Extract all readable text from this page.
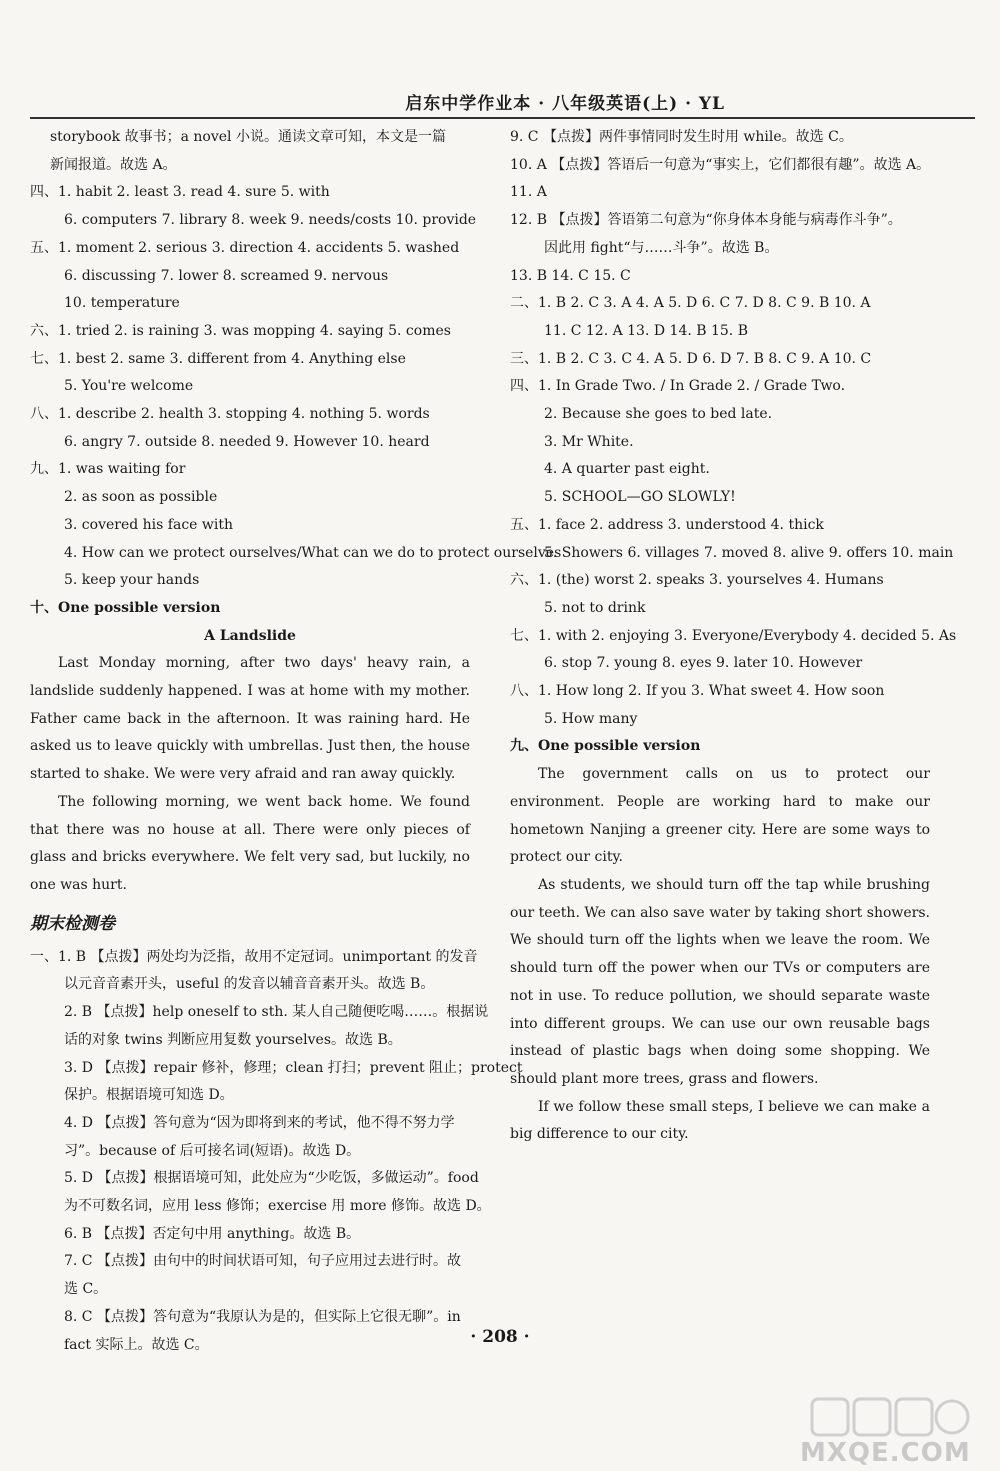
启东中学作业本 · 八年级英语(上) · YL
storybook 故事书；a novel 小说。通读文章可知，本文是一篇
新闻报道。故选 A。
四、1. habit 2. least 3. read 4. sure 5. with
6. computers 7. library 8. week 9. needs/costs 10. provide
五、1. moment 2. serious 3. direction 4. accidents 5. washed
6. discussing 7. lower 8. screamed 9. nervous
10. temperature
六、1. tried 2. is raining 3. was mopping 4. saying 5. comes
七、1. best 2. same 3. different from 4. Anything else
5. You're welcome
八、1. describe 2. health 3. stopping 4. nothing 5. words
6. angry 7. outside 8. needed 9. However 10. heard
九、1. was waiting for
2. as soon as possible
3. covered his face with
4. How can we protect ourselves/What can we do to protect ourselves
5. keep your hands
十、One possible version
A Landslide

Last Monday morning, after two days' heavy rain, a landslide suddenly happened. I was at home with my mother. Father came back in the afternoon. It was raining hard. He asked us to leave quickly with umbrellas. Just then, the house started to shake. We were very afraid and ran away quickly.

The following morning, we went back home. We found that there was no house at all. There were only pieces of glass and bricks everywhere. We felt very sad, but luckily, no one was hurt.

期末检测卷
一、1. B 【点拨】两处均为泛指，故用不定冠词。unimportant 的发音
以元音音素开头，useful 的发音以辅音音素开头。故选 B。
2. B 【点拨】help oneself to sth. 某人自己随便吃喝……。根据说
话的对象 twins 判断应用复数 yourselves。故选 B。
3. D 【点拨】repair 修补，修理；clean 打扫；prevent 阻止；protect
保护。根据语境可知选 D。
4. D 【点拨】答句意为“因为即将到来的考试，他不得不努力学
习”。because of 后可接名词(短语)。故选 D。
5. D 【点拨】根据语境可知，此处应为“少吃饭，多做运动”。food
为不可数名词，应用 less 修饰；exercise 用 more 修饰。故选 D。
6. B 【点拨】否定句中用 anything。故选 B。
7. C 【点拨】由句中的时间状语可知，句子应用过去进行时。故
选 C。
8. C 【点拨】答句意为“我原认为是的，但实际上它很无聊”。in
fact 实际上。故选 C。
9. C 【点拨】两件事情同时发生时用 while。故选 C。
10. A 【点拨】答语后一句意为“事实上，它们都很有趣”。故选 A。
11. A
12. B 【点拨】答语第二句意为“你身体本身能与病毒作斗争”。
因此用 fight“与……斗争”。故选 B。
13. B 14. C 15. C
二、1. B 2. C 3. A 4. A 5. D 6. C 7. D 8. C 9. B 10. A
11. C 12. A 13. D 14. B 15. B
三、1. B 2. C 3. C 4. A 5. D 6. D 7. B 8. C 9. A 10. C
四、1. In Grade Two. / In Grade 2. / Grade Two.
2. Because she goes to bed late.
3. Mr White.
4. A quarter past eight.
5. SCHOOL—GO SLOWLY!
五、1. face 2. address 3. understood 4. thick
5. Showers 6. villages 7. moved 8. alive 9. offers 10. main
六、1. (the) worst 2. speaks 3. yourselves 4. Humans
5. not to drink
七、1. with 2. enjoying 3. Everyone/Everybody 4. decided 5. As
6. stop 7. young 8. eyes 9. later 10. However
八、1. How long 2. If you 3. What sweet 4. How soon
5. How many
九、One possible version

The government calls on us to protect our environment. People are working hard to make our hometown Nanjing a greener city. Here are some ways to protect our city.

As students, we should turn off the tap while brushing our teeth. We can also save water by taking short showers. We should turn off the lights when we leave the room. We should turn off the power when our TVs or computers are not in use. To reduce pollution, we should separate waste into different groups. We can use our own reusable bags instead of plastic bags when doing some shopping. We should plant more trees, grass and flowers.

If we follow these small steps, I believe we can make a big difference to our city.

· 208 ·
MXQE.COM
